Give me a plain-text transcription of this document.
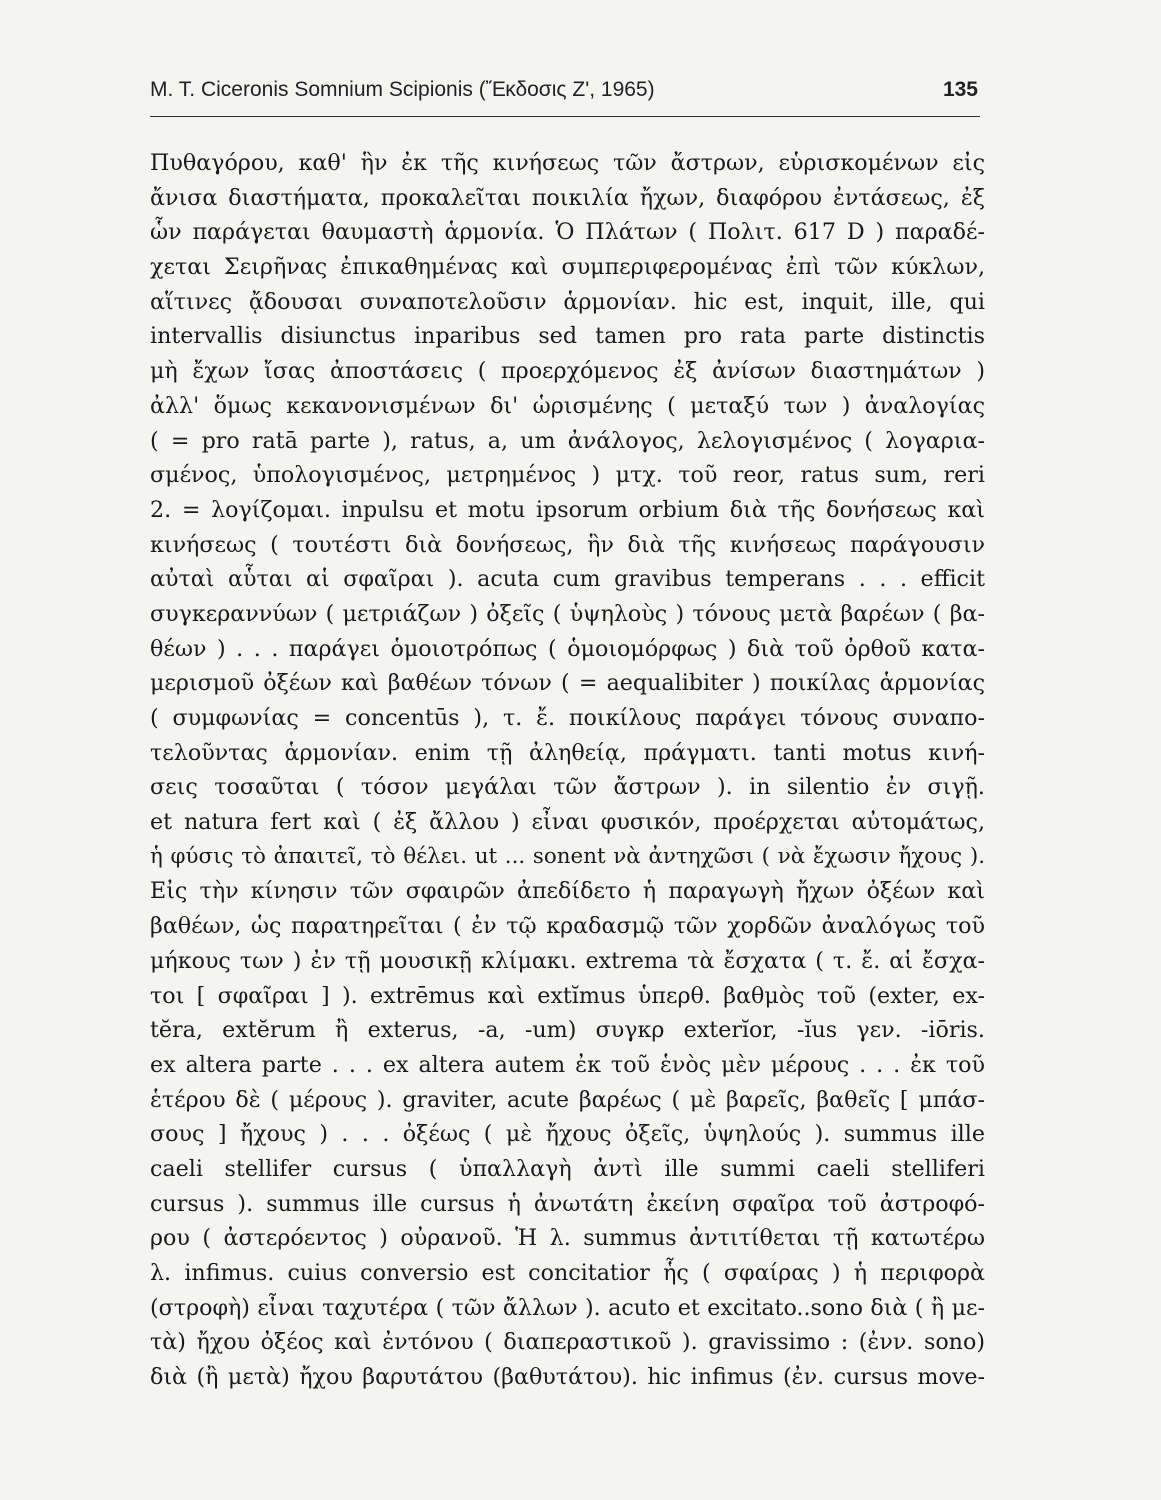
M. T. Ciceronis Somnium Scipionis (Ἔκδοσις Ζ', 1965)	135
Πυθαγόρου, καθ' ἣν ἐκ τῆς κινήσεως τῶν ἄστρων, εὑρισκομένων εἰς
ἄνισα διαστήματα, προκαλεῖται ποικιλία ἤχων, διαφόρου ἐντάσεως, ἐξ
ὧν παράγεται θαυμαστὴ ἁρμονία. Ὁ Πλάτων ( Πολιτ. 617 D ) παραδέ-
χεται Σειρῆνας ἐπικαθημένας καὶ συμπεριφερομένας ἐπὶ τῶν κύκλων,
αἵτινες ᾄδουσαι συναποτελοῦσιν ἁρμονίαν. hic est, inquit, ille, qui
intervallis disiunctus inparibus sed tamen pro rata parte distinctis
μὴ ἔχων ἴσας ἀποστάσεις ( προερχόμενος ἐξ ἀνίσων διαστημάτων )
ἀλλ' ὅμως κεκανονισμένων δι' ὡρισμένης ( μεταξύ των ) ἀναλογίας
( = pro ratā parte ), ratus, a, um ἀνάλογος, λελογισμένος ( λογαρια-
σμένος, ὑπολογισμένος, μετρημένος ) μτχ. τοῦ reor, ratus sum, reri
2. = λογίζομαι. inpulsu et motu ipsorum orbium διὰ τῆς δονήσεως καὶ
κινήσεως ( τουτέστι διὰ δονήσεως, ἣν διὰ τῆς κινήσεως παράγουσιν
αὐταὶ αὗται αἱ σφαῖραι ). acuta cum gravibus temperans . . . efficit
συγκεραννύων ( μετριάζων ) ὀξεῖς ( ὑψηλοὺς ) τόνους μετὰ βαρέων ( βα-
θέων ) . . . παράγει ὁμοιοτρόπως ( ὁμοιομόρφως ) διὰ τοῦ ὀρθοῦ κατα-
μερισμοῦ ὀξέων καὶ βαθέων τόνων ( = aequalibiter ) ποικίλας ἁρμονίας
( συμφωνίας = concentūs ), τ. ἔ. ποικίλους παράγει τόνους συναπο-
τελοῦντας ἁρμονίαν. enim τῇ ἀληθείᾳ, πράγματι. tanti motus κινή-
σεις τοσαῦται ( τόσον μεγάλαι τῶν ἄστρων ). in silentio ἐν σιγῇ.
et natura fert καὶ ( ἐξ ἄλλου ) εἶναι φυσικόν, προέρχεται αὐτομάτως,
ἡ φύσις τὸ ἀπαιτεῖ, τὸ θέλει. ut ... sonent νὰ ἀντηχῶσι ( νὰ ἔχωσιν ἤχους ).
Εἰς τὴν κίνησιν τῶν σφαιρῶν ἀπεδίδετο ἡ παραγωγὴ ἤχων ὀξέων καὶ
βαθέων, ὡς παρατηρεῖται ( ἐν τῷ κραδασμῷ τῶν χορδῶν ἀναλόγως τοῦ
μήκους των ) ἐν τῇ μουσικῇ κλίμακι. extrema τὰ ἔσχατα ( τ. ἔ. αἱ ἔσχα-
τοι [ σφαῖραι ] ). extrēmus καὶ extĭmus ὑπερθ. βαθμὸς τοῦ (exter, ex-
tĕra, extĕrum ἢ exterus, -a, -um) συγκρ exterĭor, -ĭus γεν. -iōris.
ex altera parte . . . ex altera autem ἐκ τοῦ ἑνὸς μὲν μέρους . . . ἐκ τοῦ
ἑτέρου δὲ ( μέρους ). graviter, acute βαρέως ( μὲ βαρεῖς, βαθεῖς [ μπάσ-
σους ] ἤχους ) . . . ὀξέως ( μὲ ἤχους ὀξεῖς, ὑψηλούς ). summus ille
caeli stellifer cursus ( ὑπαλλαγὴ ἀντὶ ille summi caeli stelliferi
cursus ). summus ille cursus ἡ ἀνωτάτη ἐκείνη σφαῖρα τοῦ ἀστροφό-
ρου ( ἀστερόεντος ) οὐρανοῦ. Ἡ λ. summus ἀντιτίθεται τῇ κατωτέρω
λ. infimus. cuius conversio est concitatior ἧς ( σφαίρας ) ἡ περιφορὰ
(στροφὴ) εἶναι ταχυτέρα ( τῶν ἄλλων ). acuto et excitato..sono διὰ ( ἢ με-
τὰ) ἤχου ὀξέος καὶ ἐντόνου ( διαπεραστικοῦ ). gravissimo : (ἐνν. sono)
διὰ (ἢ μετὰ) ἤχου βαρυτάτου (βαθυτάτου). hic infimus (ἐν. cursus move-
